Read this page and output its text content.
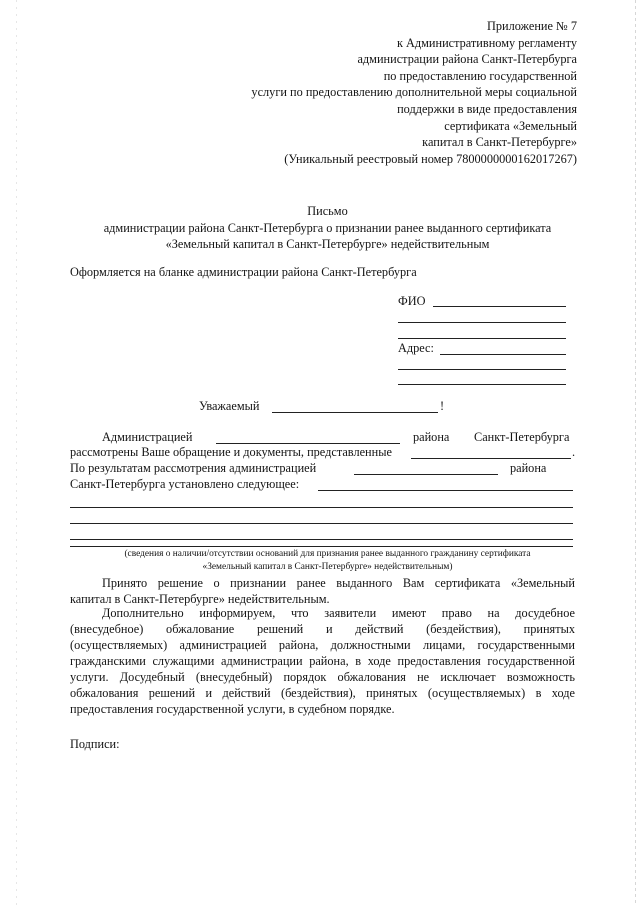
Приложение № 7
к Административному регламенту
администрации района Санкт-Петербурга
по предоставлению государственной
услуги по предоставлению дополнительной меры социальной
поддержки в виде предоставления
сертификата «Земельный
капитал в Санкт-Петербурге»
(Уникальный реестровый номер 7800000000162017267)
Письмо
администрации района Санкт-Петербурга о признании ранее выданного сертификата
«Земельный капитал в Санкт-Петербурге» недействительным
Оформляется на бланке администрации района Санкт-Петербурга
ФИО
Адрес:
Уважаемый	!
Администрацией	района Санкт-Петербурга
рассмотрены Ваше обращение и документы, представленные	.
По результатам рассмотрения администрацией	района
Санкт-Петербурга установлено следующее:
(сведения о наличии/отсутствии оснований для признания ранее выданного гражданину сертификата
«Земельный капитал в Санкт-Петербурге» недействительным)
Принято решение о признании ранее выданного Вам сертификата «Земельный
капитал в Санкт-Петербурге» недействительным.
Дополнительно информируем, что заявители имеют право на досудебное
(внесудебное) обжалование решений и действий (бездействия), принятых
(осуществляемых) администрацией района, должностными лицами, государственными
гражданскими служащими администрации района, в ходе предоставления государственной
услуги. Досудебный (внесудебный) порядок обжалования не исключает возможность
обжалования решений и действий (бездействия), принятых (осуществляемых) в ходе
предоставления государственной услуги, в судебном порядке.
Подписи:
